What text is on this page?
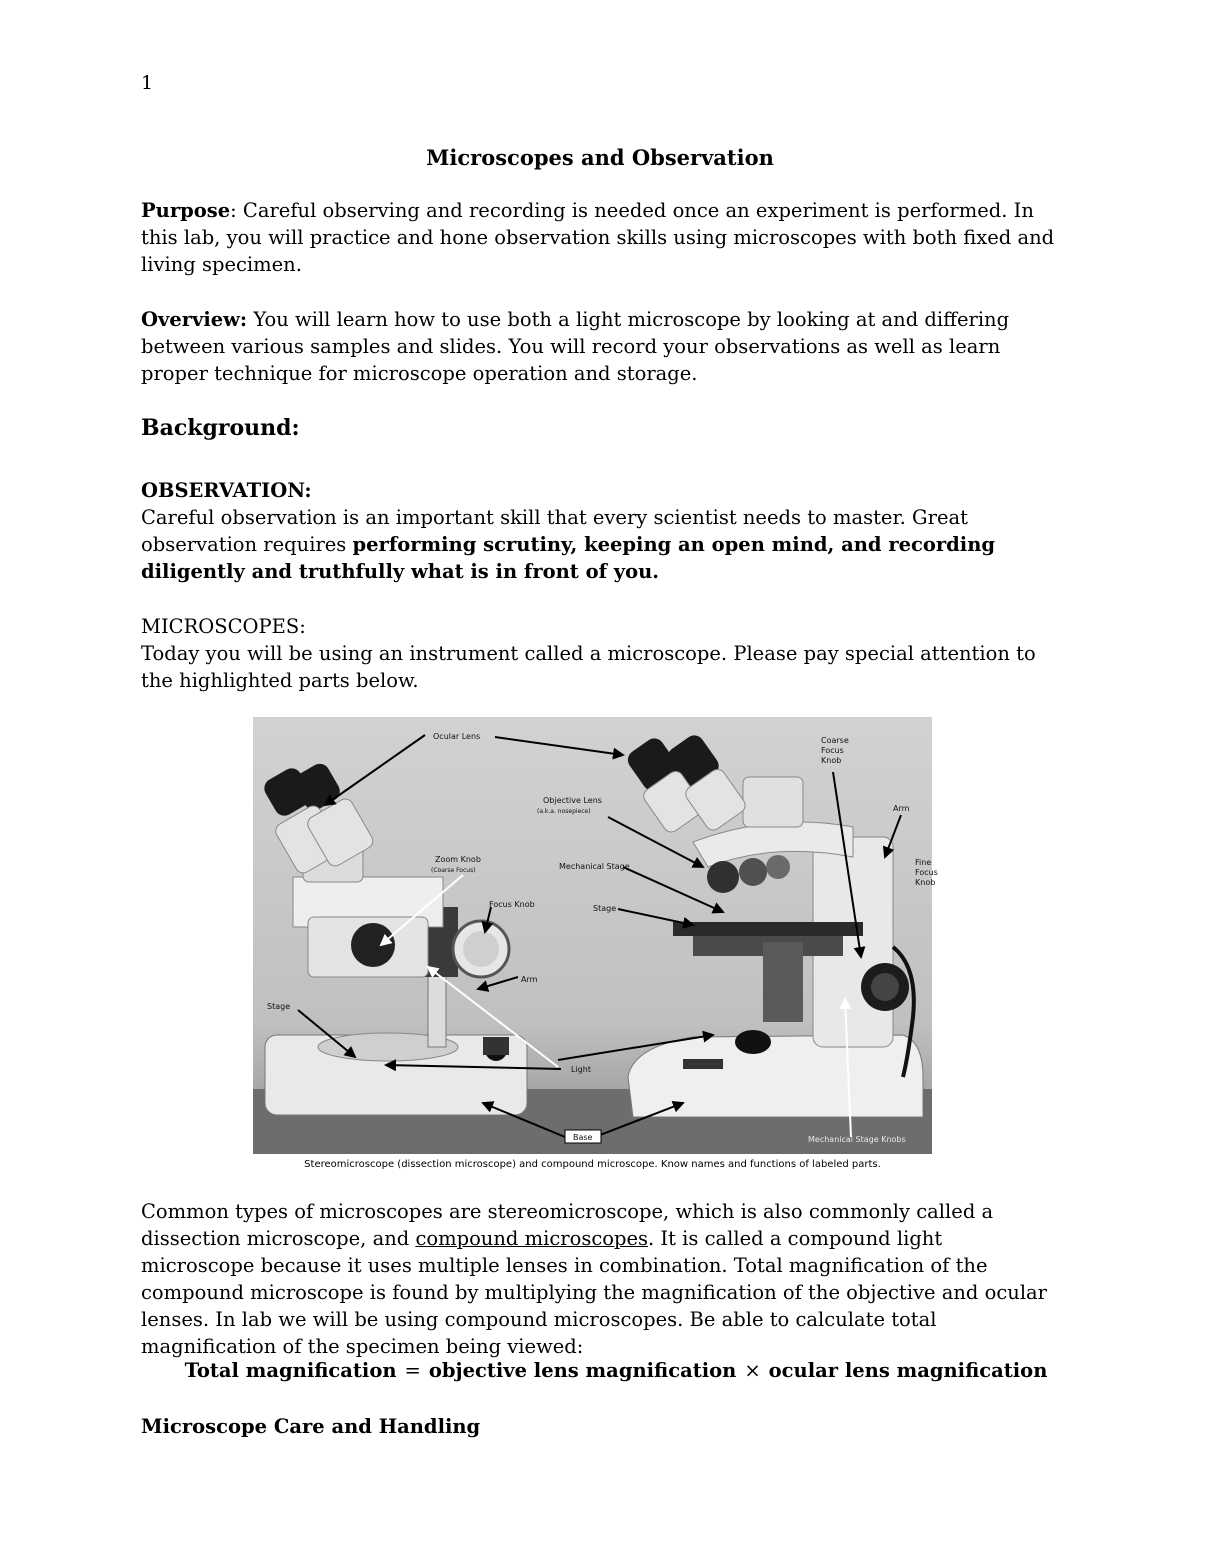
1
Microscopes and Observation
Purpose: Careful observing and recording is needed once an experiment is performed. In this lab, you will practice and hone observation skills using microscopes with both fixed and living specimen.
Overview: You will learn how to use both a light microscope by looking at and differing between various samples and slides. You will record your observations as well as learn proper technique for microscope operation and storage.
Background:
OBSERVATION:
Careful observation is an important skill that every scientist needs to master. Great observation requires performing scrutiny, keeping an open mind, and recording diligently and truthfully what is in front of you.
MICROSCOPES:
Today you will be using an instrument called a microscope. Please pay special attention to the highlighted parts below.
Ocular Lens	Coarse Focus Knob
Arm
Objective Lens
(a.k.a. nosepiece)
Fine Focus Knob
Zoom Knob
(Coarse Focus)	Mechanical Stage
Focus Knob	Stage
Arm
Stage
Light
Base	Mechanical Stage Knobs
Stereomicroscope (dissection microscope) and compound microscope. Know names and functions of labeled parts.
Common types of microscopes are stereomicroscope, which is also commonly called a dissection microscope, and compound microscopes. It is called a compound light microscope because it uses multiple lenses in combination. Total magnification of the compound microscope is found by multiplying the magnification of the objective and ocular lenses. In lab we will be using compound microscopes. Be able to calculate total magnification of the specimen being viewed:
Total magnification = objective lens magnification × ocular lens magnification
Microscope Care and Handling
